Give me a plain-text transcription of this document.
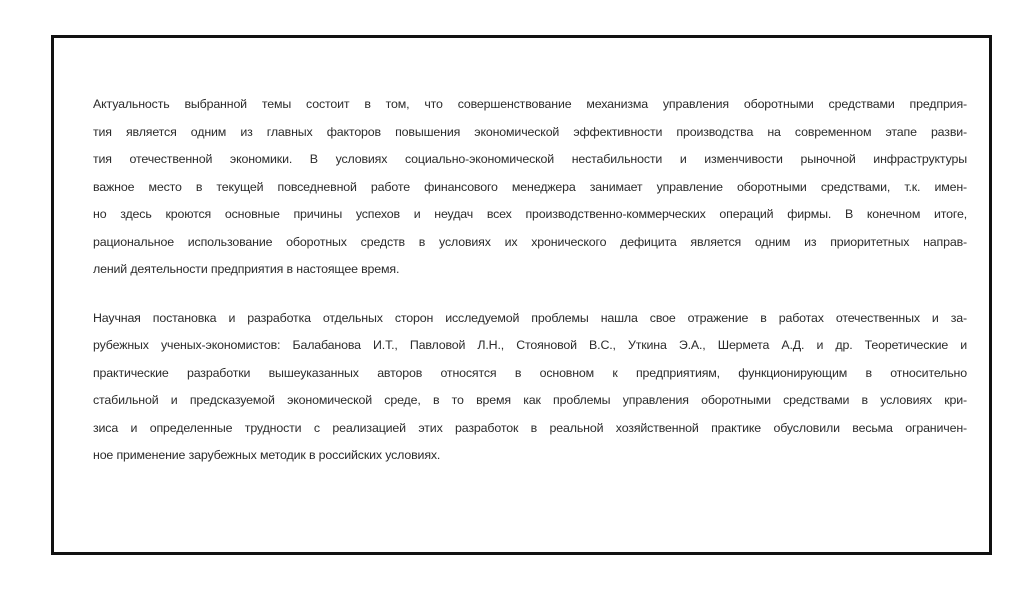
Актуальность выбранной темы состоит в том, что совершенствование механизма управления оборотными средствами предприя-
тия является одним из главных факторов повышения экономической эффективности производства на современном этапе разви-
тия отечественной экономики. В условиях социально-экономической нестабильности и изменчивости рыночной инфраструктуры
важное место в текущей повседневной работе финансового менеджера занимает управление оборотными средствами, т.к. имен-
но здесь кроются основные причины успехов и неудач всех производственно-коммерческих операций фирмы. В конечном итоге,
рациональное использование оборотных средств в условиях их хронического дефицита является одним из приоритетных направ-
лений деятельности предприятия в настоящее время.
Научная постановка и разработка отдельных сторон исследуемой проблемы нашла свое отражение в работах отечественных и за-
рубежных ученых-экономистов: Балабанова И.Т., Павловой Л.Н., Стояновой В.С., Уткина Э.А., Шермета А.Д. и др. Теоретические и
практические разработки вышеуказанных авторов относятся в основном к предприятиям, функционирующим в относительно
стабильной и предсказуемой экономической среде, в то время как проблемы управления оборотными средствами в условиях кри-
зиса и определенные трудности с реализацией этих разработок в реальной хозяйственной практике обусловили весьма ограничен-
ное применение зарубежных методик в российских условиях.
